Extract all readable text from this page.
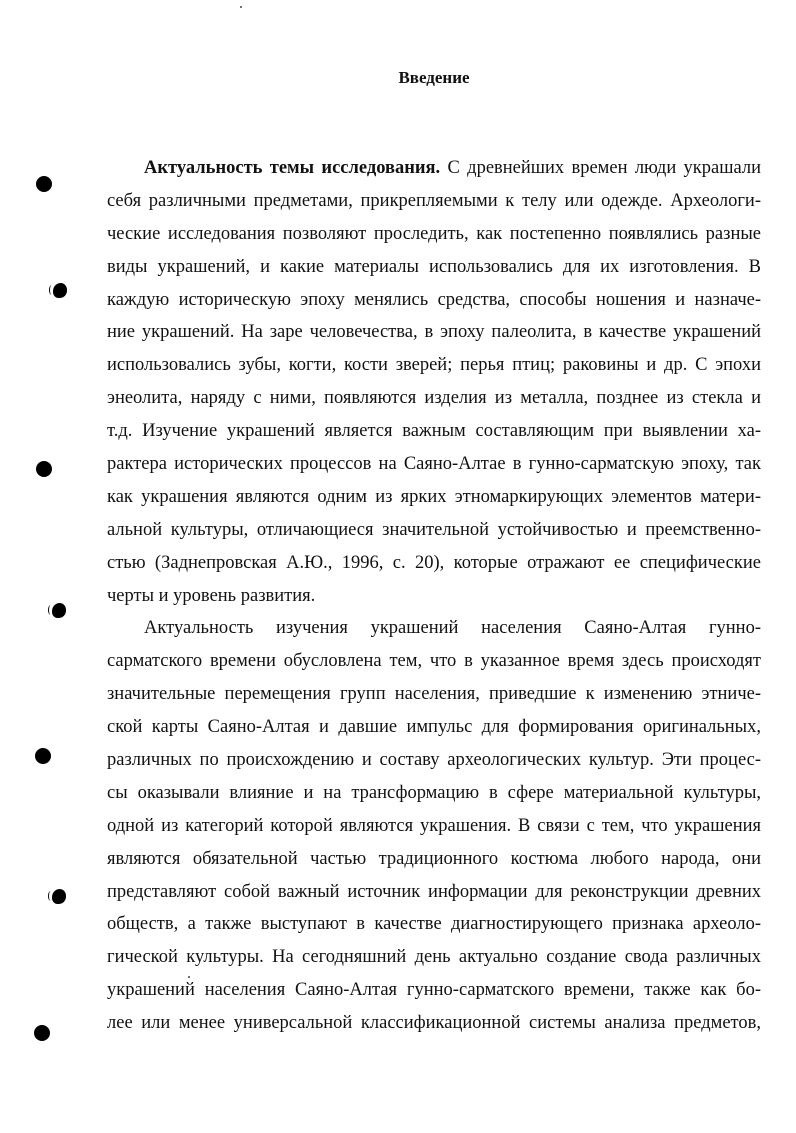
Введение
Актуальность темы исследования. С древнейших времен люди украшали
себя различными предметами, прикрепляемыми к телу или одежде. Археологи-
ческие исследования позволяют проследить, как постепенно появлялись разные
виды украшений, и какие материалы использовались для их изготовления. В
каждую историческую эпоху менялись средства, способы ношения и назначе-
ние украшений. На заре человечества, в эпоху палеолита, в качестве украшений
использовались зубы, когти, кости зверей; перья птиц; раковины и др. С эпохи
энеолита, наряду с ними, появляются изделия из металла, позднее из стекла и
т.д. Изучение украшений является важным составляющим при выявлении ха-
рактера исторических процессов на Саяно-Алтае в гунно-сарматскую эпоху, так
как украшения являются одним из ярких этномаркирующих элементов матери-
альной культуры, отличающиеся значительной устойчивостью и преемственно-
стью (Заднепровская А.Ю., 1996, с. 20), которые отражают ее специфические
черты и уровень развития.
Актуальность изучения украшений населения Саяно-Алтая гунно-
сарматского времени обусловлена тем, что в указанное время здесь происходят
значительные перемещения групп населения, приведшие к изменению этниче-
ской карты Саяно-Алтая и давшие импульс для формирования оригинальных,
различных по происхождению и составу археологических культур. Эти процес-
сы оказывали влияние и на трансформацию в сфере материальной культуры,
одной из категорий которой являются украшения. В связи с тем, что украшения
являются обязательной частью традиционного костюма любого народа, они
представляют собой важный источник информации для реконструкции древних
обществ, а также выступают в качестве диагностирующего признака археоло-
гической культуры. На сегодняшний день актуально создание свода различных
украшений населения Саяно-Алтая гунно-сарматского времени, также как бо-
лее или менее универсальной классификационной системы анализа предметов,
